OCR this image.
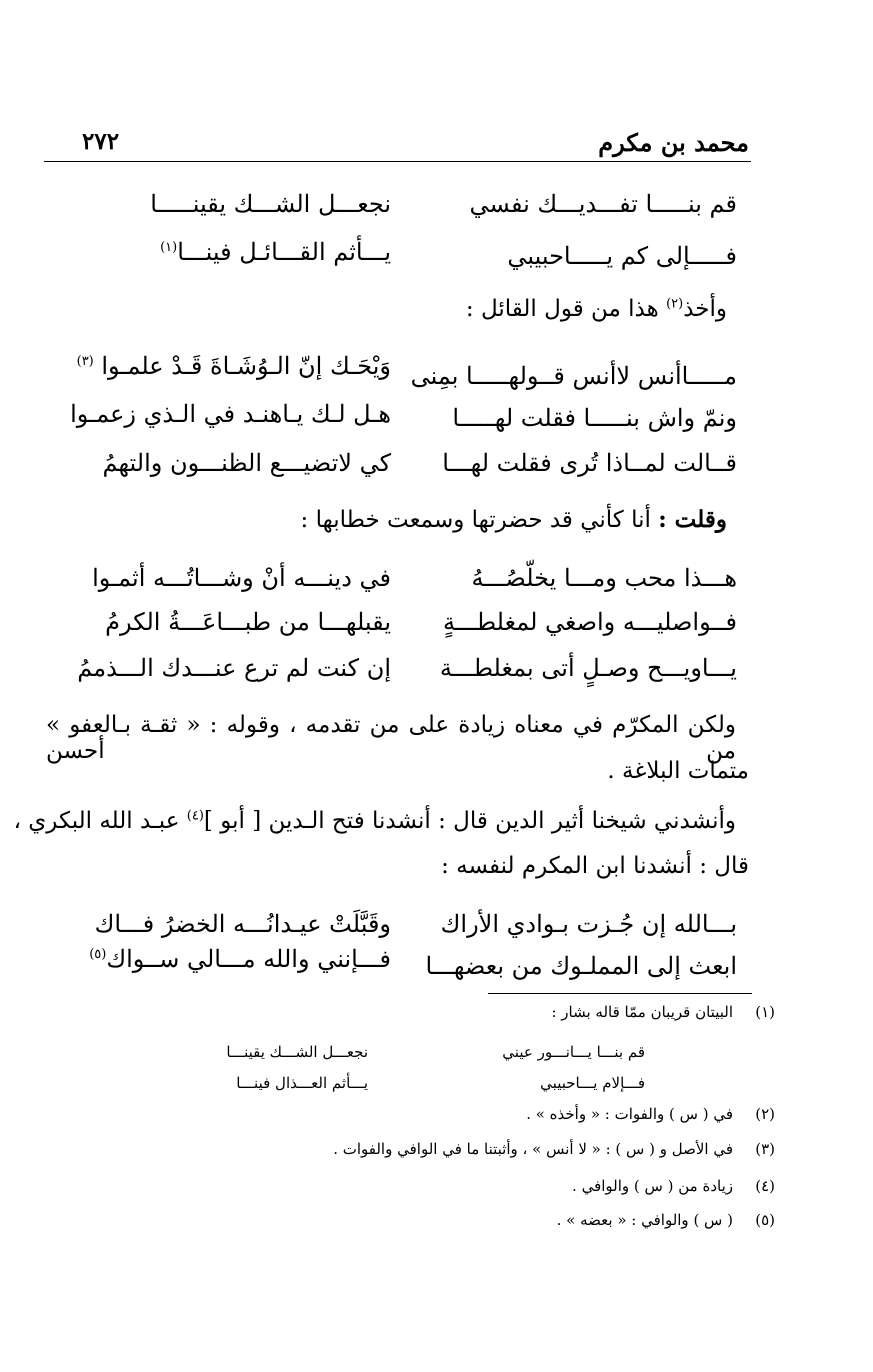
محمد بن مكرم
٢٧٢
قم بنـــــا تفـــديـــك نفسي
نجعـــل الشـــك يقينـــــا
فـــــإلى كم يـــــاحبيبي
يـــأثم القـــائـل فينـــا$^{(١)}$
وأخذ$^{(٢)}$ هذا من قول القائل :
مـــــاأنس لاأنس قــولهـــــا بمِنى
وَيْحَـك إنّ الـوُشَـاةَ قَـدْ علمـوا $^{(٣)}$
ونمّ واش بنـــــا فقلت لهـــــا
هـل لـك يـاهنـد في الـذي زعمـوا
قــالت لمــاذا تُرى فقلت لهـــا
كي لاتضيـــع الظنـــون والتهمُ
وقلت : أنا كأني قد حضرتها وسمعت خطابها :
هـــذا محب ومـــا يخلّصُـــهُ
في دينـــه أنْ وشـــاتُـــه أثمـوا
فــواصليـــه واصغي لمغلطـــةٍ
يقبلهـــا من طبـــاعَـــةُ الكرمُ
يـــاويـــح وصـلٍ أتى بمغلطـــة
إن كنت لم ترع عنـــدك الـــذممُ
ولكن المكرّم في معناه زيادة على من تقدمه ، وقوله : « ثقـة بـالعفو » من أحسن
متمات البلاغة .
وأنشدني شيخنا أثير الدين قال : أنشدنا فتح الـدين [ أبو ]$^{(٤)}$ عبـد الله البكري ،
قال : أنشدنا ابن المكرم لنفسه :
بـــالله إن جُـزت بـوادي الأراك
وقَبَّلَتْ عيـدانُـــه الخضرُ فـــاك
ابعث إلى المملـوك من بعضهـــا
فـــإنني والله مـــالي ســواك$^{(٥)}$
(١)
البيتان قريبان ممّا قاله بشار :
قم بنـــا يـــانـــور عيني
نجعـــل الشـــك يقينـــا
فـــإلام يـــاحبيبي
يـــأثم العـــذال فينـــا
(٢)
في ( س ) والفوات : « وأخذه » .
(٣)
في الأصل و ( س ) : « لا أنس » ، وأثبتنا ما في الوافي والفوات .
(٤)
زيادة من ( س ) والوافي .
(٥)
( س ) والوافي : « بعضه » .
